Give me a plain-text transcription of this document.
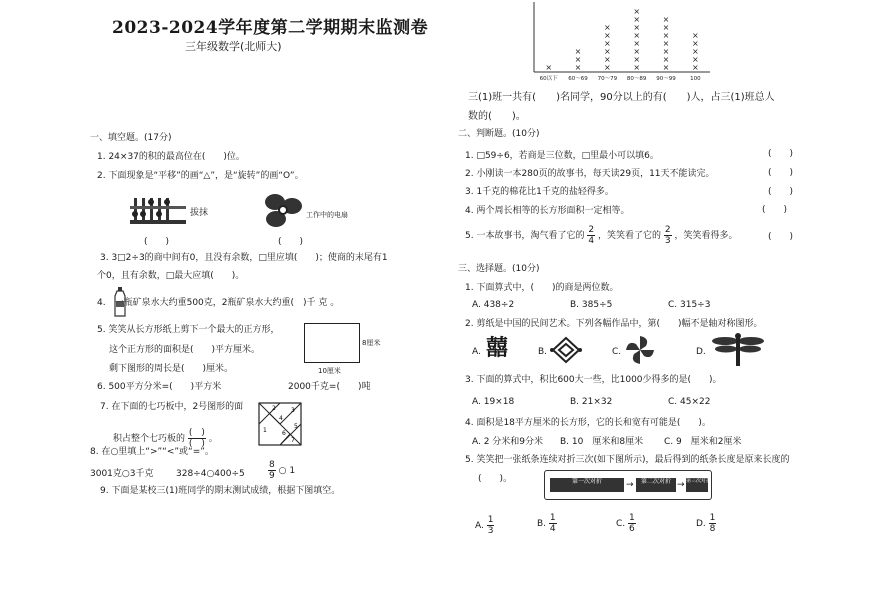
2023-2024学年度第二学期期末监测卷
三年级数学(北师大)
×
60以下
×
×
×
60～69
×
×
×
×
×
×
70～79
×
×
×
×
×
×
×
×
80～89
×
×
×
×
×
×
×
90～99
×
×
×
×
×
100
三(1)班一共有(　　)名同学，90分以上的有(　　)人，占三(1)班总人
数的(　　)。
一、填空题。(17分)
1. 24×37的积的最高位在(　　)位。
2. 下面现象是“平移”的画“△”，是“旋转”的画“O”。
拔抹	工作中的电扇
(　　)	(　　)
3. 3□2÷3的商中间有0，且没有余数，□里应填(　　)；使商的末尾有1
个0，且有余数，□最大应填(　　)。
4.　一瓶矿泉水大约重500克，2瓶矿泉水大约重(　)千 克 。
5. 笑笑从长方形纸上剪下一个最大的正方形，
这个正方形的面积是(　　)平方厘米。
剩下图形的周长是(　　)厘米。
8厘米
10厘米
6. 500平方分米=(　　)平方米	2000千克=(　　)吨
7. 在下面的七巧板中，2号图形的面
积占整个七巧板的 $\frac{( )}{( )}$ 。
1
2	3
4
5
6
7
8. 在○里填上“>”“<”或“=”。
3001克○3千克	328÷4○400÷5	$\frac{8}{9}$ ○ 1
9. 下面是某校三(1)班同学的期末测试成绩，根据下图填空。
二、判断题。(10分)
1. □59÷6，若商是三位数，□里最小可以填6。
2. 小刚读一本280页的故事书，每天读29页，11天不能读完。
3. 1千克的棉花比1千克的盐轻得多。
4. 两个周长相等的长方形面积一定相等。
5. 一本故事书，淘气看了它的 $\frac{2}{4}$ ，笑笑看了它的 $\frac{2}{3}$ ，笑笑看得多。
(　　)
(　　)
(　　)
(　　)
(　　)
三、选择题。(10分)
1. 下面算式中，(　　)的商是两位数。
A. 438÷2	B. 385÷5	C. 315÷3
2. 剪纸是中国的民间艺术。下列各幅作品中，第(　　)幅不是轴对称图形。
A. 囍	B.	C.	D.
3. 下面的算式中，积比600大一些，比1000少得多的是(　　)。
A. 19×18	B. 21×32	C. 45×22
4. 面积是18平方厘米的长方形，它的长和宽有可能是(　　)。
A. 2 分米和9分米 B. 10　厘米和8厘米 C. 9　厘米和2厘米
5. 笑笑把一张纸条连续对折三次(如下图所示)，最后得到的纸条长度是原来长度的
(　　)。	第一次对折	→	第二次对折 → 第三次对折
A. $\frac{1}{3}$	B. $\frac{1}{4}$	C. $\frac{1}{6}$	D. $\frac{1}{8}$
